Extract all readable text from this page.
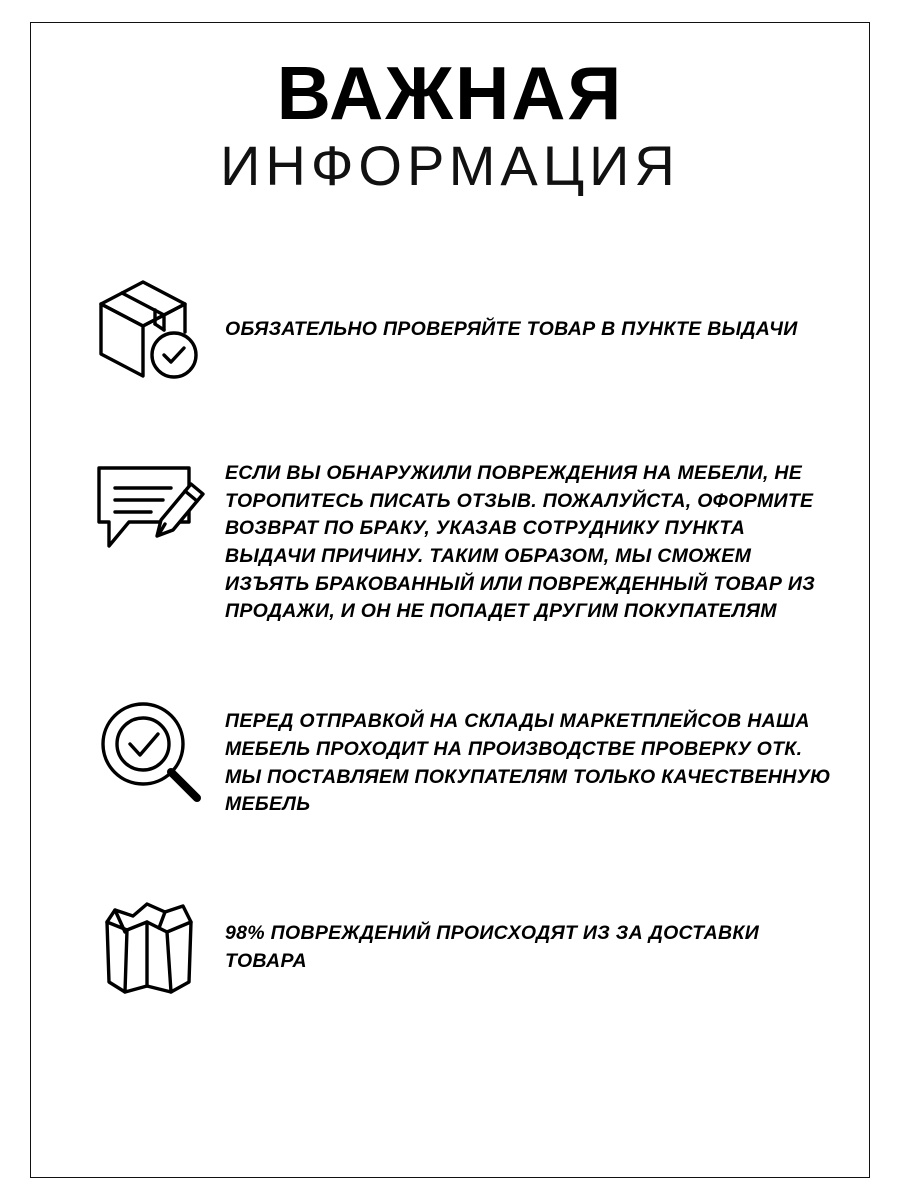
ВАЖНАЯ
ИНФОРМАЦИЯ
ОБЯЗАТЕЛЬНО ПРОВЕРЯЙТЕ ТОВАР В ПУНКТЕ ВЫДАЧИ
ЕСЛИ ВЫ ОБНАРУЖИЛИ ПОВРЕЖДЕНИЯ НА МЕБЕЛИ, НЕ ТОРОПИТЕСЬ ПИСАТЬ ОТЗЫВ. ПОЖАЛУЙСТА, ОФОРМИТЕ ВОЗВРАТ ПО БРАКУ, УКАЗАВ СОТРУДНИКУ ПУНКТА ВЫДАЧИ ПРИЧИНУ. ТАКИМ ОБРАЗОМ, МЫ СМОЖЕМ ИЗЪЯТЬ БРАКОВАННЫЙ ИЛИ ПОВРЕЖДЕННЫЙ ТОВАР ИЗ ПРОДАЖИ, И ОН НЕ ПОПАДЕТ ДРУГИМ ПОКУПАТЕЛЯМ
ПЕРЕД ОТПРАВКОЙ НА СКЛАДЫ МАРКЕТПЛЕЙСОВ НАША МЕБЕЛЬ ПРОХОДИТ НА ПРОИЗВОДСТВЕ ПРОВЕРКУ ОТК. МЫ ПОСТАВЛЯЕМ ПОКУПАТЕЛЯМ ТОЛЬКО КАЧЕСТВЕННУЮ МЕБЕЛЬ
98% ПОВРЕЖДЕНИЙ ПРОИСХОДЯТ ИЗ ЗА ДОСТАВКИ ТОВАРА
